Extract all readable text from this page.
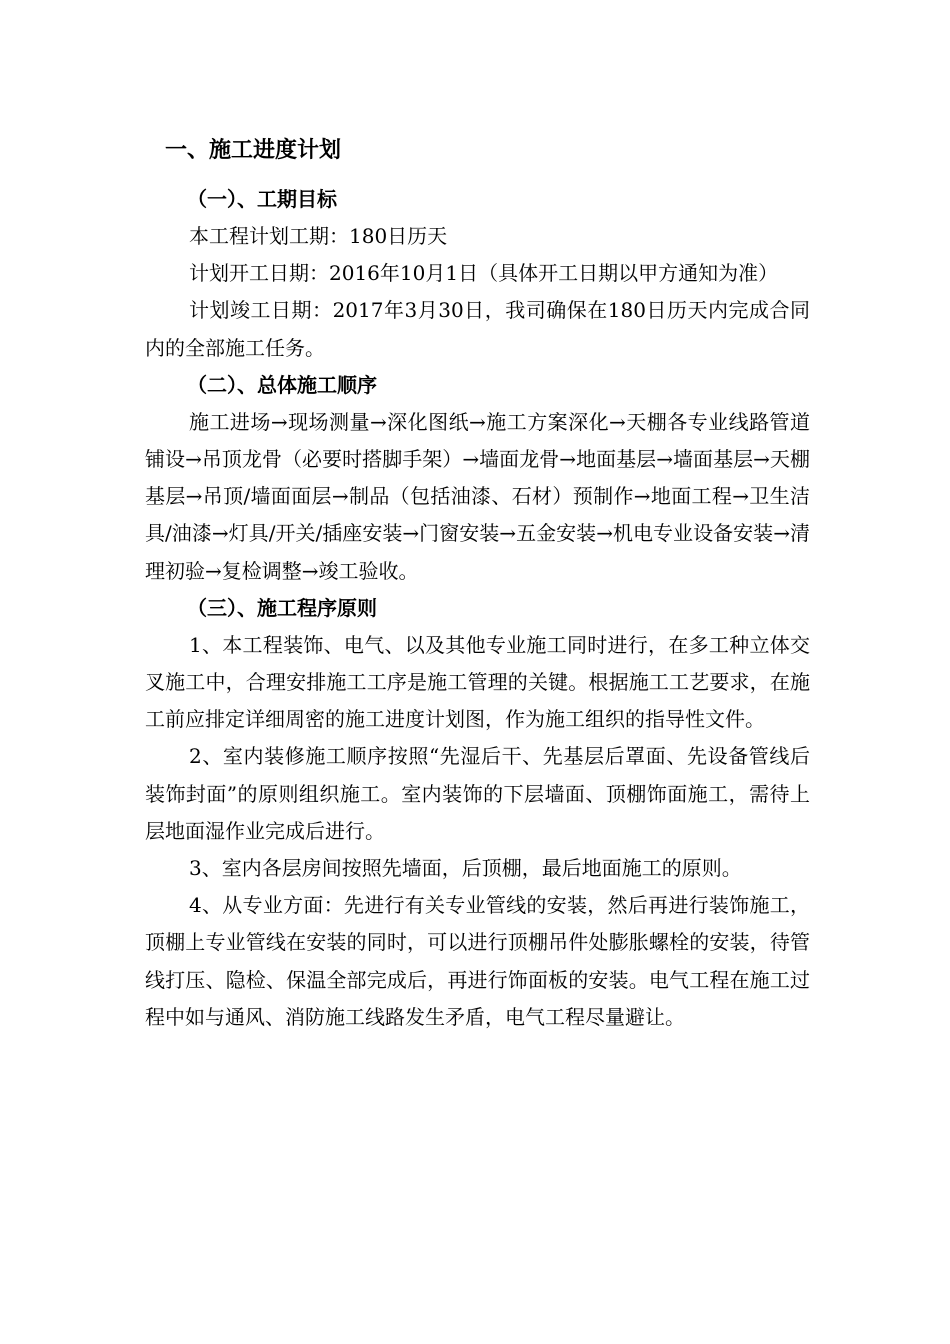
一、施工进度计划
（一）、工期目标

本工程计划工期：180日历天

计划开工日期：2016年10月1日（具体开工日期以甲方通知为准）

计划竣工日期：2017年3月30日，我司确保在180日历天内完成合同内的全部施工任务。

（二）、总体施工顺序

施工进场→现场测量→深化图纸→施工方案深化→天棚各专业线路管道铺设→吊顶龙骨（必要时搭脚手架）→墙面龙骨→地面基层→墙面基层→天棚基层→吊顶/墙面面层→制品（包括油漆、石材）预制作→地面工程→卫生洁具/油漆→灯具/开关/插座安装→门窗安装→五金安装→机电专业设备安装→清理初验→复检调整→竣工验收。

（三）、施工程序原则

1、本工程装饰、电气、以及其他专业施工同时进行，在多工种立体交叉施工中，合理安排施工工序是施工管理的关键。根据施工工艺要求，在施工前应排定详细周密的施工进度计划图，作为施工组织的指导性文件。

2、室内装修施工顺序按照“先湿后干、先基层后罩面、先设备管线后装饰封面”的原则组织施工。室内装饰的下层墙面、顶棚饰面施工，需待上层地面湿作业完成后进行。

3、室内各层房间按照先墙面，后顶棚，最后地面施工的原则。

4、从专业方面：先进行有关专业管线的安装，然后再进行装饰施工，顶棚上专业管线在安装的同时，可以进行顶棚吊件处膨胀螺栓的安装，待管线打压、隐检、保温全部完成后，再进行饰面板的安装。电气工程在施工过程中如与通风、消防施工线路发生矛盾，电气工程尽量避让。
